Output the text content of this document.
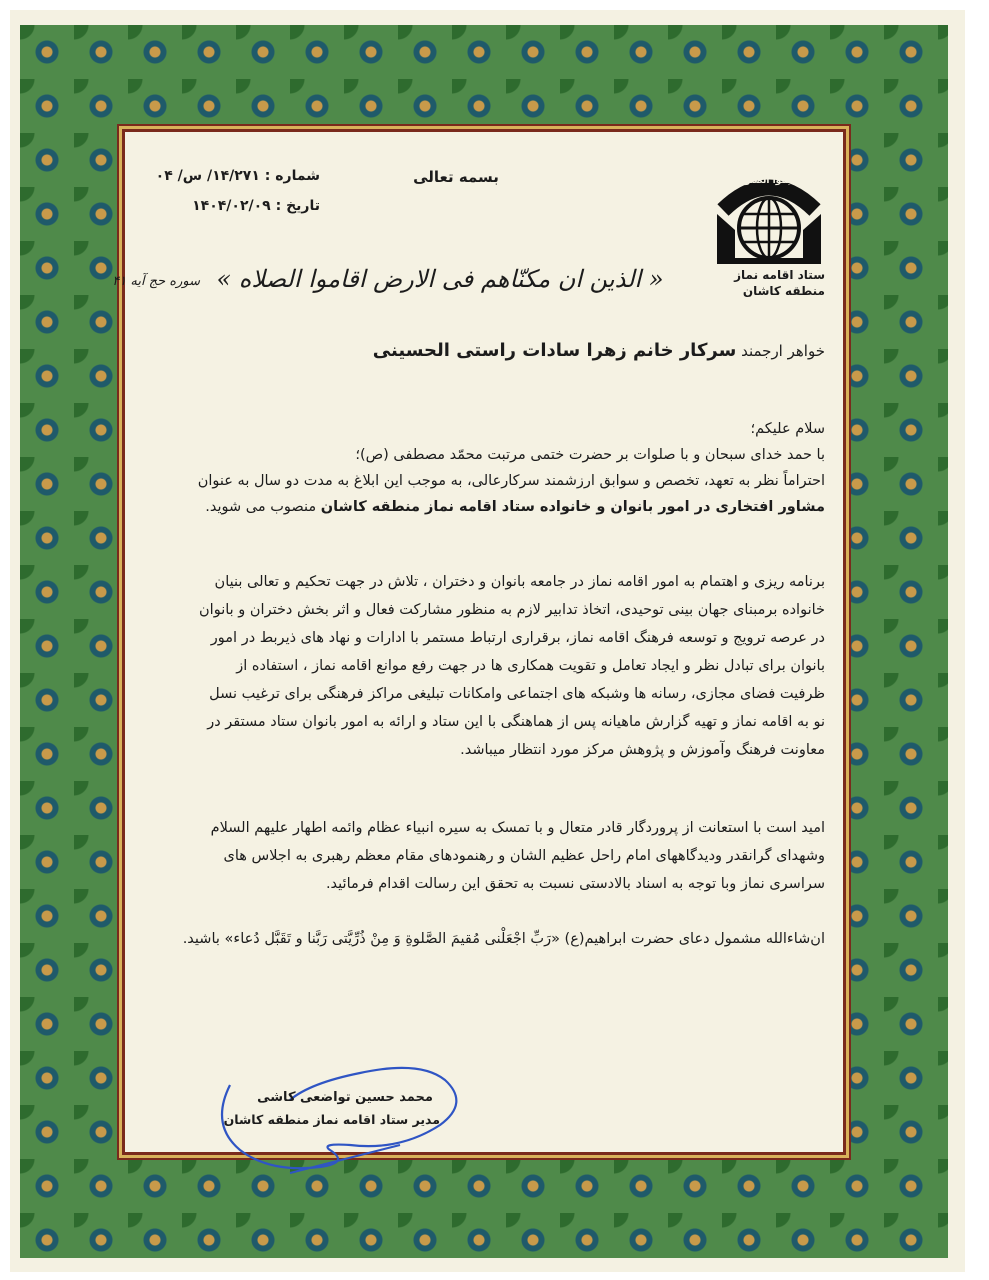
اقیموا الصلوة
ستاد اقامه نماز
منطقه کاشان
بسمه تعالی
شماره : ۱۴/۲۷۱/ س/ ۰۴
تاریخ : ۱۴۰۴/۰۲/۰۹
« الذین ان مکنّاهم فی الارض اقاموا الصلاه »
سوره حج آیه ۴۱
خواهر ارجمند سرکار خانم زهرا سادات راستی الحسینی
سلام علیکم؛
با حمد خدای سبحان و با صلوات بر حضرت ختمی مرتبت محمّد مصطفی (ص)؛
احتراماً نظر به تعهد، تخصص و سوابق ارزشمند سرکارعالی، به موجب این ابلاغ به مدت دو سال به عنوان
مشاور افتخاری در امور بانوان و خانواده ستاد اقامه نماز منطقه کاشان منصوب می شوید.
برنامه ریزی و اهتمام به امور اقامه نماز در جامعه بانوان و دختران ، تلاش در جهت تحکیم و تعالی بنیان
خانواده برمبنای جهان بینی توحیدی، اتخاذ تدابیر لازم به منظور مشارکت فعال و اثر بخش دختران و بانوان
در عرصه ترویج و توسعه فرهنگ اقامه نماز، برقراری ارتباط مستمر با ادارات و نهاد های ذیربط در امور
بانوان برای تبادل نظر و ایجاد تعامل و تقویت همکاری ها در جهت رفع موانع اقامه نماز ، استفاده از
ظرفیت فضای مجازی، رسانه ها وشبکه های اجتماعی وامکانات تبلیغی مراکز فرهنگی برای ترغیب نسل
نو به اقامه نماز و تهیه گزارش ماهیانه پس از هماهنگی با این ستاد و ارائه به امور بانوان ستاد مستقر در
معاونت فرهنگ وآموزش و پژوهش مرکز مورد انتظار میباشد.
امید است با استعانت از پروردگار قادر متعال و با تمسک به سیره انبیاء عظام وائمه اطهار علیهم السلام
وشهدای گرانقدر ودیدگاههای امام راحل عظیم الشان و رهنمودهای مقام معظم رهبری به اجلاس های
سراسری نماز وبا توجه به اسناد بالادستی نسبت به تحقق این رسالت اقدام فرمائید.
ان‌شاءالله مشمول دعای حضرت ابراهیم(ع) «رَبِّ اجْعَلْنی مُقیمَ الصَّلوةِ وَ مِنْ ذُرِّیَّتی رَبَّنا و تَقَبَّل دُعاء» باشید.
محمد حسین تواضعی کاشی
مدیر ستاد اقامه نماز منطقه کاشان
